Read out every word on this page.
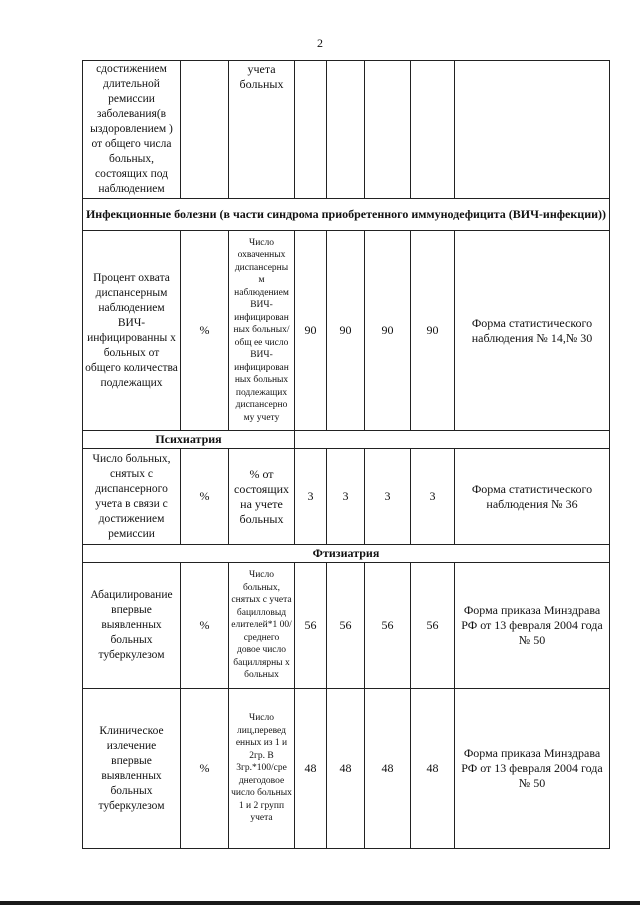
2
сдостижением длительной ремиссии заболевания(в ыздоровлением ) от общего числа больных, состоящих под наблюдением		учета больных					
Инфекционные болезни (в части синдрома приобретенного иммунодефицита (ВИЧ-инфекции))							
Процент охвата диспансерным наблюдением ВИЧ-инфицированны х больных от общего количества подлежащих	%	Число охваченных диспансерны м наблюдением ВИЧ-инфицирован ных больных/общ ее число ВИЧ-инфицирован ных больных подлежащих диспансерно му учету	90	90	90	90	Форма статистического наблюдения № 14,№ 30
Психиатрия							
Число больных, снятых с диспансерного учета в связи с достижением ремиссии	%	% от состоящих на учете больных	3	3	3	3	Форма статистического наблюдения № 36
Фтизиатрия							
Абацилирование впервые выявленных больных туберкулезом	%	Число больных, снятых с учета бацилловыд елителей*1 00/среднего довое число бациллярны х больных	56	56	56	56	Форма приказа Минздрава РФ от 13 февраля 2004 года № 50
Клиническое излечение впервые выявленных больных туберкулезом	%	Число лиц,перевед енных из 1 и 2гр. В 3гр.*100/сре днегодовое число больных 1 и 2 групп учета	48	48	48	48	Форма приказа Минздрава РФ от 13 февраля 2004 года № 50
